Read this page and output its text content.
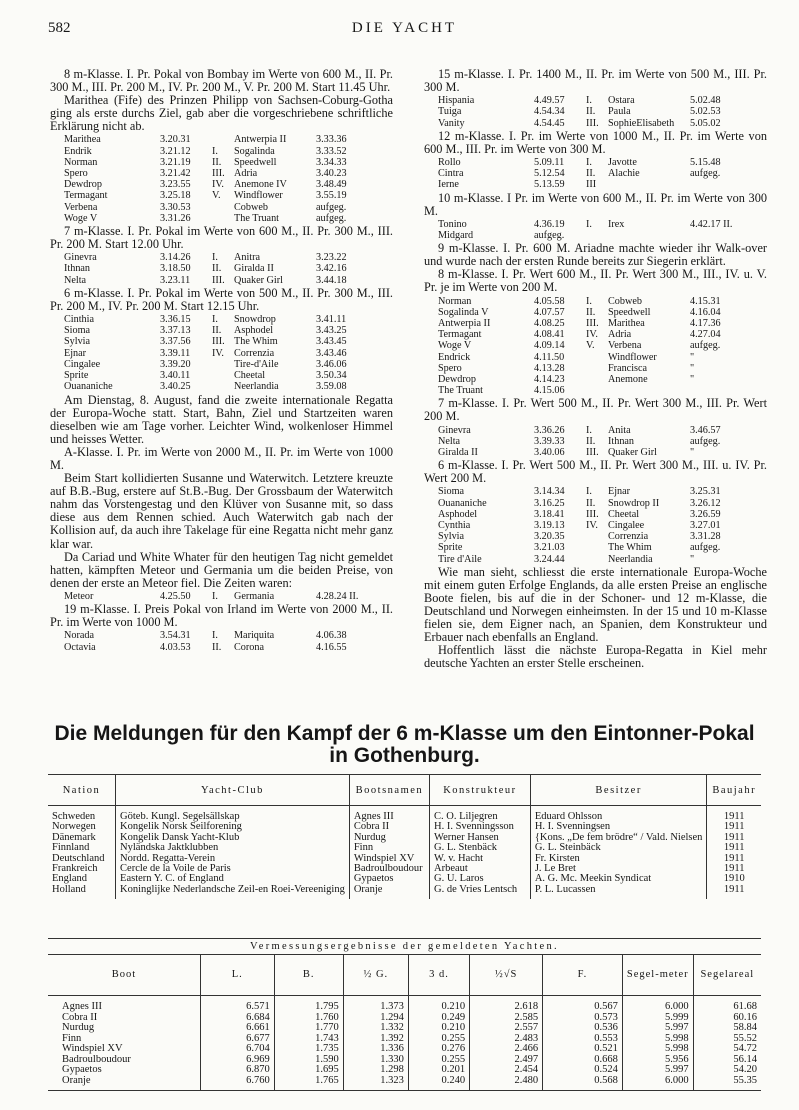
582	DIE YACHT

8 m-Klasse. I. Pr. Pokal von Bombay im Werte von 600 M., II. Pr. 300 M., III. Pr. 200 M., IV. Pr. 200 M., V. Pr. 200 M. Start 11.45 Uhr.

Marithea (Fife) des Prinzen Philipp von Sachsen-Coburg-Gotha ging als erste durchs Ziel, gab aber die vorgeschriebene schriftliche Erklärung nicht ab.

Marithea	3.20.31		Antwerpia II	3.33.36
Endrik	3.21.12	I.	Sogalinda	3.33.52
Norman	3.21.19	II.	Speedwell	3.34.33
Spero	3.21.42	III.	Adria	3.40.23
Dewdrop	3.23.55	IV.	Anemone IV	3.48.49
Termagant	3.25.18	V.	Windflower	3.55.19
Verbena	3.30.53		Cobweb	aufgeg.
Woge V	3.31.26		The Truant	aufgeg.

7 m-Klasse. I. Pr. Pokal im Werte von 600 M., II. Pr. 300 M., III. Pr. 200 M. Start 12.00 Uhr.

Ginevra	3.14.26	I.	Anitra	3.23.22
Ithnan	3.18.50	II.	Giralda II	3.42.16
Nelta	3.23.11	III.	Quaker Girl	3.44.18

6 m-Klasse. I. Pr. Pokal im Werte von 500 M., II. Pr. 300 M., III. Pr. 200 M., IV. Pr. 200 M. Start 12.15 Uhr.

Cinthia	3.36.15	I.	Snowdrop	3.41.11
Sioma	3.37.13	II.	Asphodel	3.43.25
Sylvia	3.37.56	III.	The Whim	3.43.45
Ejnar	3.39.11	IV.	Correnzia	3.43.46
Cingalee	3.39.20		Tire-d'Aile	3.46.06
Sprite	3.40.11		Cheetal	3.50.34
Ouananiche	3.40.25		Neerlandia	3.59.08

Am Dienstag, 8. August, fand die zweite internationale Regatta der Europa-Woche statt. Start, Bahn, Ziel und Startzeiten waren dieselben wie am Tage vorher. Leichter Wind, wolkenloser Himmel und heisses Wetter.

A-Klasse. I. Pr. im Werte von 2000 M., II. Pr. im Werte von 1000 M.

Beim Start kollidierten Susanne und Waterwitch. Letztere kreuzte auf B.B.-Bug, erstere auf St.B.-Bug. Der Grossbaum der Waterwitch nahm das Vorstengestag und den Klüver von Susanne mit, so dass diese aus dem Rennen schied. Auch Waterwitch gab nach der Kollision auf, da auch ihre Takelage für eine Regatta nicht mehr ganz klar war.

Da Cariad und White Whater für den heutigen Tag nicht gemeldet hatten, kämpften Meteor und Germania um die beiden Preise, von denen der erste an Meteor fiel. Die Zeiten waren:

Meteor	4.25.50	I.	Germania	4.28.24 II.

19 m-Klasse. I. Preis Pokal von Irland im Werte von 2000 M., II. Pr. im Werte von 1000 M.

Norada	3.54.31	I.	Mariquita	4.06.38
Octavia	4.03.53	II.	Corona	4.16.55

15 m-Klasse. I. Pr. 1400 M., II. Pr. im Werte von 500 M., III. Pr. 300 M.

Hispania	4.49.57	I.	Ostara	5.02.48
Tuiga	4.54.34	II.	Paula	5.02.53
Vanity	4.54.45	III.	SophieElisabeth	5.05.02

12 m-Klasse. I. Pr. im Werte von 1000 M., II. Pr. im Werte von 600 M., III. Pr. im Werte von 300 M.

Rollo	5.09.11	I.	Javotte	5.15.48
Cintra	5.12.54	II.	Alachie	aufgeg.
Ierne	5.13.59	III		

10 m-Klasse. I Pr. im Werte von 600 M., II. Pr. im Werte von 300 M.

Tonino	4.36.19	I.	Irex	4.42.17 II.
Midgard	aufgeg.			

9 m-Klasse. I. Pr. 600 M. Ariadne machte wieder ihr Walk-over und wurde nach der ersten Runde bereits zur Siegerin erklärt.

8 m-Klasse. I. Pr. Wert 600 M., II. Pr. Wert 300 M., III., IV. u. V. Pr. je im Werte von 200 M.

Norman	4.05.58	I.	Cobweb	4.15.31
Sogalinda V	4.07.57	II.	Speedwell	4.16.04
Antwerpia II	4.08.25	III.	Marithea	4.17.36
Termagant	4.08.41	IV.	Adria	4.27.04
Woge V	4.09.14	V.	Verbena	aufgeg.
Endrick	4.11.50		Windflower	"
Spero	4.13.28		Francisca	"
Dewdrop	4.14.23		Anemone	"
The Truant	4.15.06			

7 m-Klasse. I. Pr. Wert 500 M., II. Pr. Wert 300 M., III. Pr. Wert 200 M.

Ginevra	3.36.26	I.	Anita	3.46.57
Nelta	3.39.33	II.	Ithnan	aufgeg.
Giralda II	3.40.06	III.	Quaker Girl	"

6 m-Klasse. I. Pr. Wert 500 M., II. Pr. Wert 300 M., III. u. IV. Pr. Wert 200 M.

Sioma	3.14.34	I.	Ejnar	3.25.31
Ouananiche	3.16.25	II.	Snowdrop II	3.26.12
Asphodel	3.18.41	III.	Cheetal	3.26.59
Cynthia	3.19.13	IV.	Cingalee	3.27.01
Sylvia	3.20.35		Correnzia	3.31.28
Sprite	3.21.03		The Whim	aufgeg.
Tire d'Aile	3.24.44		Neerlandia	"

Wie man sieht, schliesst die erste internationale Europa-Woche mit einem guten Erfolge Englands, da alle ersten Preise an englische Boote fielen, bis auf die in der Schoner- und 12 m-Klasse, die Deutschland und Norwegen einheimsten. In der 15 und 10 m-Klasse fielen sie, dem Eigner nach, an Spanien, dem Konstrukteur und Erbauer nach ebenfalls an England.

Hoffentlich lässt die nächste Europa-Regatta in Kiel mehr deutsche Yachten an erster Stelle erscheinen.

Die Meldungen für den Kampf der 6 m-Klasse um den Eintonner-Pokal in Gothenburg.
Nation	Yacht-Club	Bootsnamen	Konstrukteur	Besitzer	Baujahr
Schweden	Göteb. Kungl. Segelsällskap	Agnes III	C. O. Liljegren	Eduard Ohlsson	1911
Norwegen	Kongelik Norsk Seilforening	Cobra II	H. I. Svenningsson	H. I. Svenningsen	1911
Dänemark	Kongelik Dansk Yacht-Klub	Nurdug	Werner Hansen	{Kons. „De fem brödre“ / Vald. Nielsen	1911
Finnland	Nyländska Jaktklubben	Finn	G. L. Stenbäck	G. L. Steinbäck	1911
Deutschland	Nordd. Regatta-Verein	Windspiel XV	W. v. Hacht	Fr. Kirsten	1911
Frankreich	Cercle de la Voile de Paris	Badroulboudour	Arbeaut	J. Le Bret	1911
England	Eastern Y. C. of England	Gypaetos	G. U. Laros	A. G. Mc. Meekin Syndicat	1910
Holland	Koninglijke Nederlandsche Zeil-en Roei-Vereeniging	Oranje	G. de Vries Lentsch	P. L. Lucassen	1911
Vermessungsergebnisse der gemeldeten Yachten.
Boot	L.	B.	½ G.	3 d.	½√S	F.	Segel-meter	Segelareal
Agnes III	6.571	1.795	1.373	0.210	2.618	0.567	6.000	61.68
Cobra II	6.684	1.760	1.294	0.249	2.585	0.573	5.999	60.16
Nurdug	6.661	1.770	1.332	0.210	2.557	0.536	5.997	58.84
Finn	6.677	1.743	1.392	0.255	2.483	0.553	5.998	55.52
Windspiel XV	6.704	1.735	1.336	0.276	2.466	0.521	5.998	54.72
Badroulboudour	6.969	1.590	1.330	0.255	2.497	0.668	5.956	56.14
Gypaetos	6.870	1.695	1.298	0.201	2.454	0.524	5.997	54.20
Oranje	6.760	1.765	1.323	0.240	2.480	0.568	6.000	55.35
